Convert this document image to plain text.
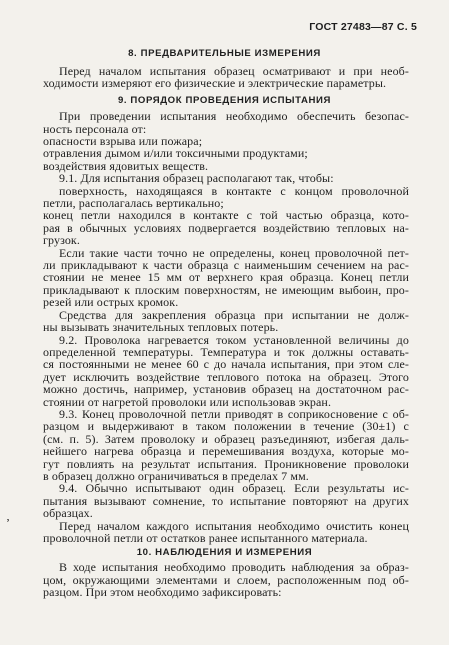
ГОСТ 27483—87 С. 5
8. ПРЕДВАРИТЕЛЬНЫЕ ИЗМЕРЕНИЯ
Перед началом испытания образец осматривают и при необ-
ходимости измеряют его физические и электрические параметры.
9. ПОРЯДОК ПРОВЕДЕНИЯ ИСПЫТАНИЯ
При проведении испытания необходимо обеспечить безопас-
ность персонала от:
опасности взрыва или пожара;
отравления дымом и/или токсичными продуктами;
воздействия ядовитых веществ.
9.1. Для испытания образец располагают так, чтобы:
поверхность, находящаяся в контакте с концом проволочной
петли, располагалась вертикально;
конец петли находился в контакте с той частью образца, кото-
рая в обычных условиях подвергается воздействию тепловых на-
грузок.
Если такие части точно не определены, конец проволочной пет-
ли прикладывают к части образца с наименьшим сечением на рас-
стоянии не менее 15 мм от верхнего края образца. Конец петли
прикладывают к плоским поверхностям, не имеющим выбоин, про-
резей или острых кромок.
Средства для закрепления образца при испытании не долж-
ны вызывать значительных тепловых потерь.
9.2. Проволока нагревается током установленной величины до
определенной температуры. Температура и ток должны оставать-
ся постоянными не менее 60 с до начала испытания, при этом сле-
дует исключить воздействие теплового потока на образец. Этого
можно достичь, например, установив образец на достаточном рас-
стоянии от нагретой проволоки или использовав экран.
9.3. Конец проволочной петли приводят в соприкосновение с об-
разцом и выдерживают в таком положении в течение (30±1) с
(см. п. 5). Затем проволоку и образец разъединяют, избегая даль-
нейшего нагрева образца и перемешивания воздуха, которые мо-
гут повлиять на результат испытания. Проникновение проволоки
в образец должно ограничиваться в пределах 7 мм.
9.4. Обычно испытывают один образец. Если результаты ис-
пытания вызывают сомнение, то испытание повторяют на других
образцах.
Перед началом каждого испытания необходимо очистить конец
проволочной петли от остатков ранее испытанного материала.
10. НАБЛЮДЕНИЯ И ИЗМЕРЕНИЯ
В ходе испытания необходимо проводить наблюдения за образ-
цом, окружающими элементами и слоем, расположенным под об-
разцом. При этом необходимо зафиксировать:
‚
